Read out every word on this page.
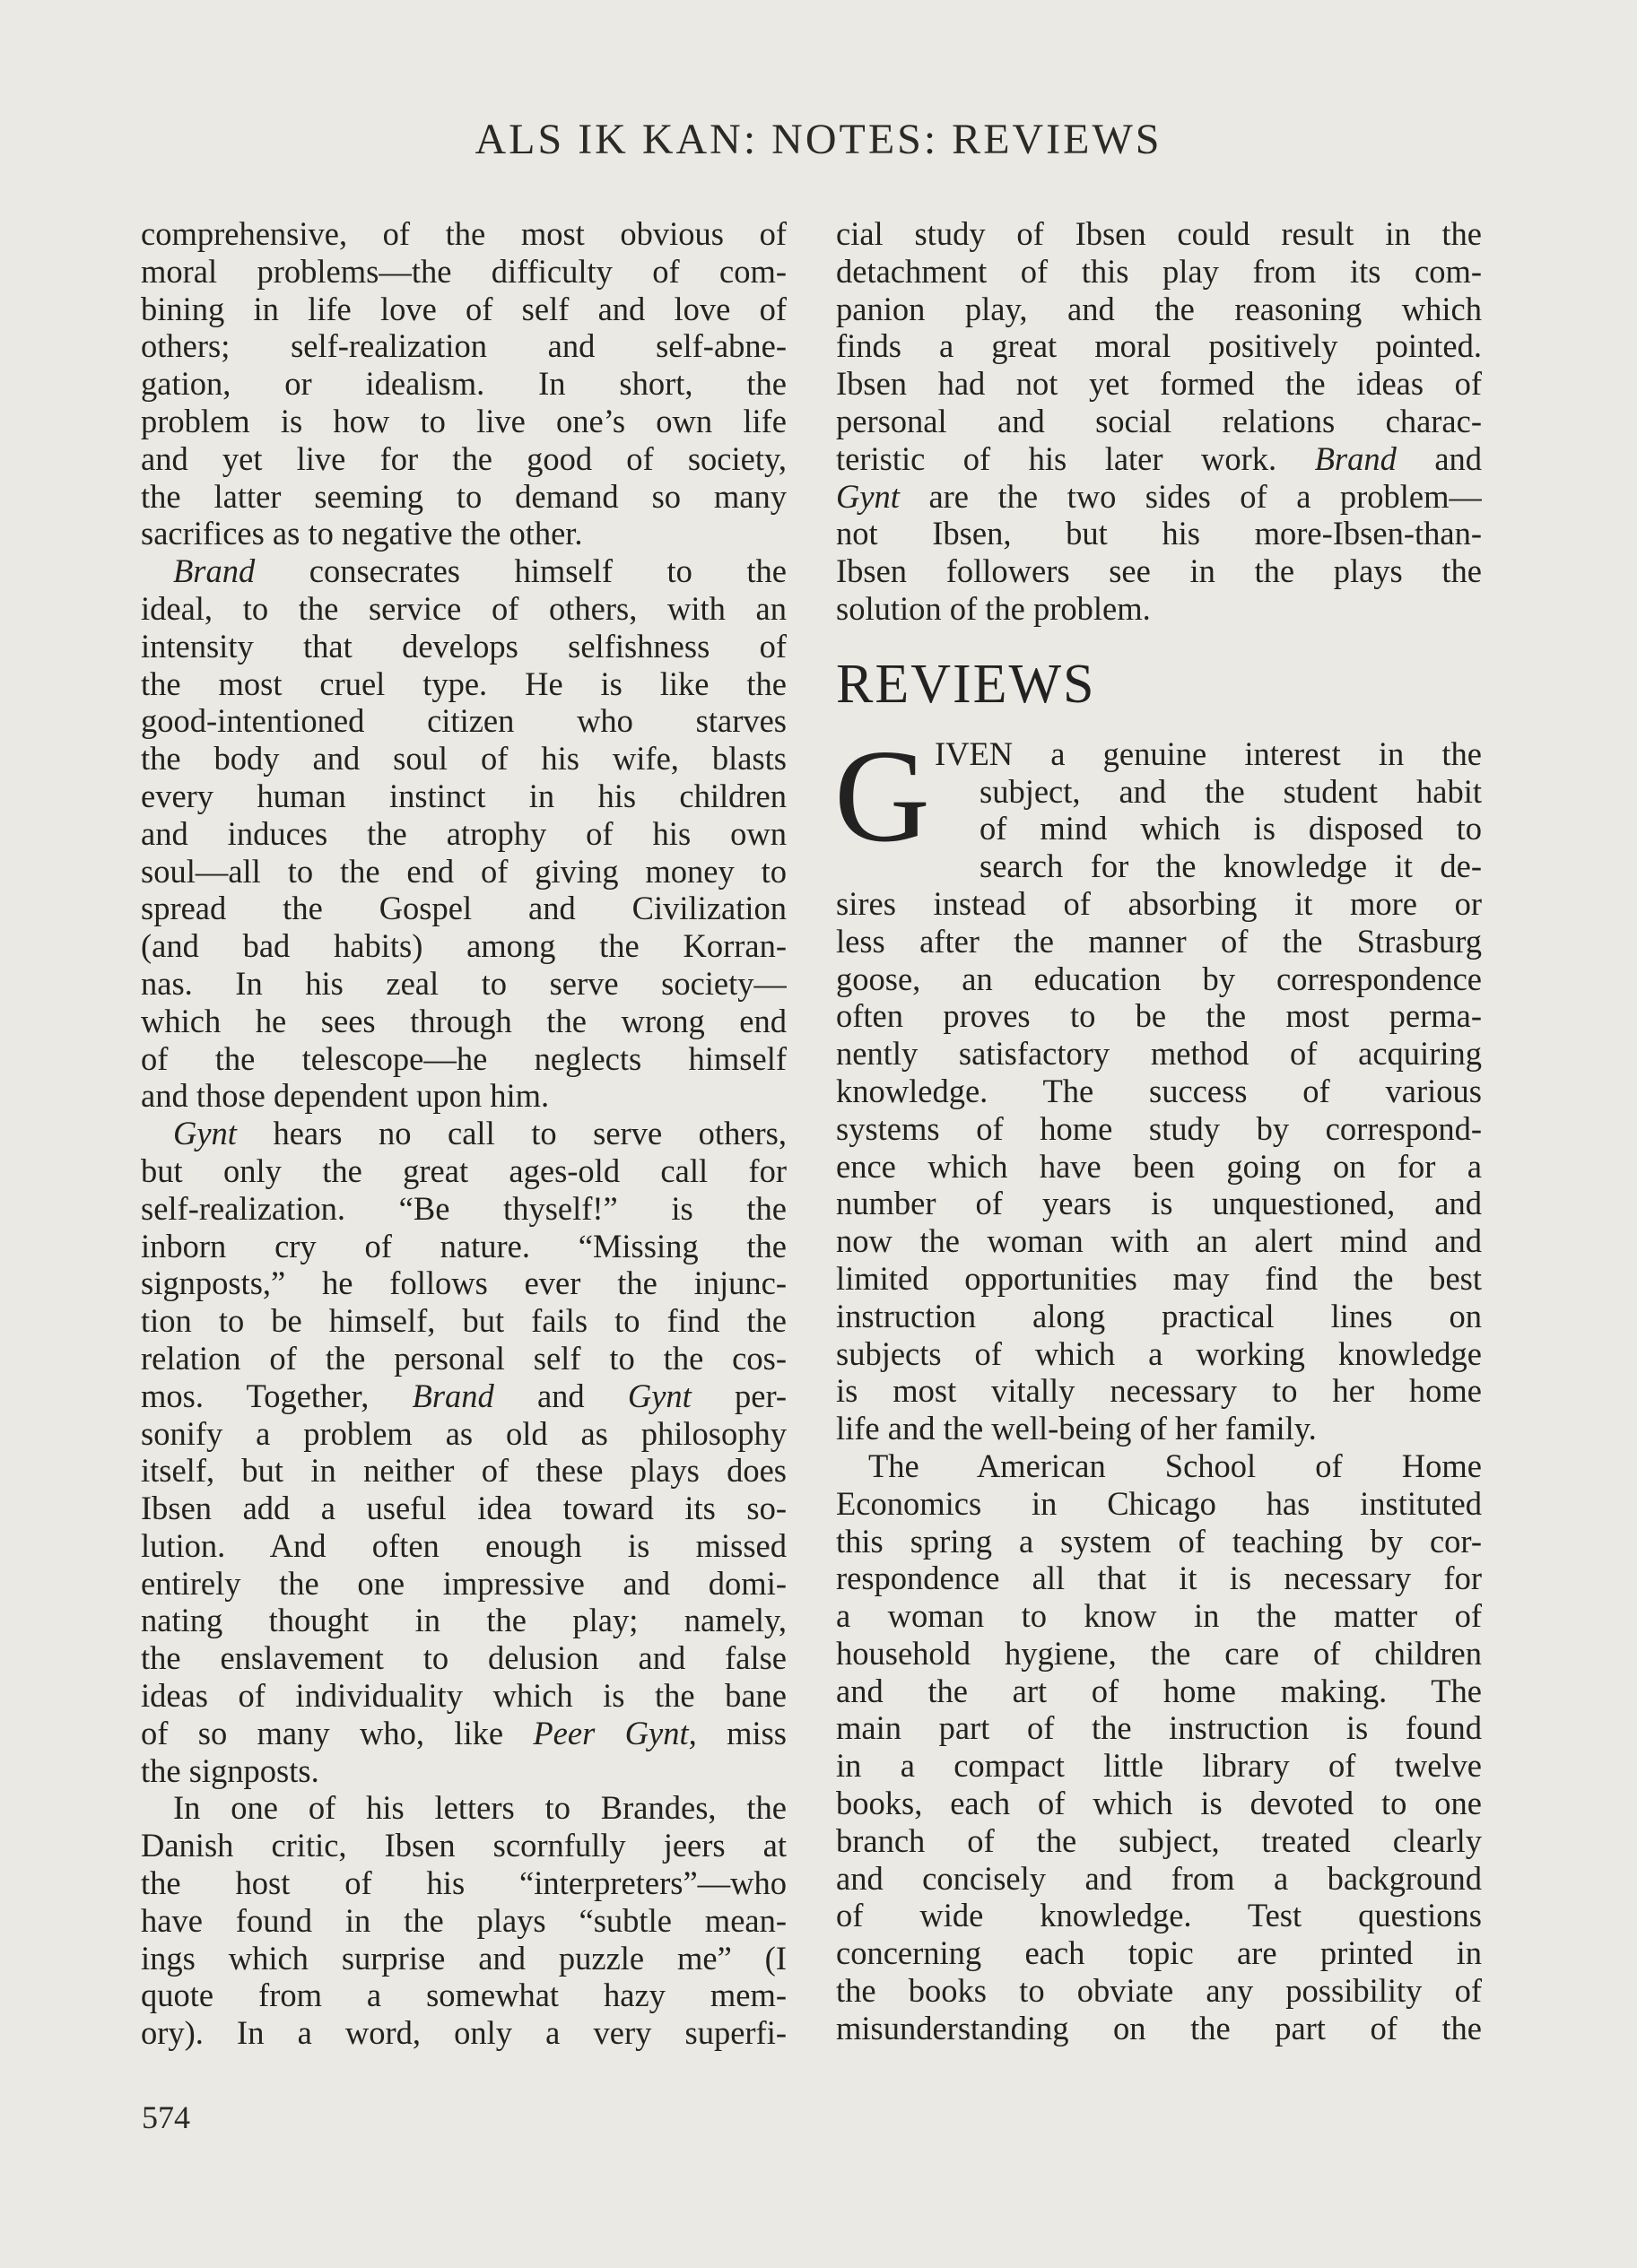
ALS IK KAN: NOTES: REVIEWS
comprehensive, of the most obvious of
moral problems—the difficulty of com-
bining in life love of self and love of
others; self-realization and self-abne-
gation, or idealism. In short, the
problem is how to live one’s own life
and yet live for the good of society,
the latter seeming to demand so many
sacrifices as to negative the other.
Brand consecrates himself to the
ideal, to the service of others, with an
intensity that develops selfishness of
the most cruel type. He is like the
good-intentioned citizen who starves
the body and soul of his wife, blasts
every human instinct in his children
and induces the atrophy of his own
soul—all to the end of giving money to
spread the Gospel and Civilization
(and bad habits) among the Korran-
nas. In his zeal to serve society—
which he sees through the wrong end
of the telescope—he neglects himself
and those dependent upon him.
Gynt hears no call to serve others,
but only the great ages-old call for
self-realization. “Be thyself!” is the
inborn cry of nature. “Missing the
signposts,” he follows ever the injunc-
tion to be himself, but fails to find the
relation of the personal self to the cos-
mos. Together, Brand and Gynt per-
sonify a problem as old as philosophy
itself, but in neither of these plays does
Ibsen add a useful idea toward its so-
lution. And often enough is missed
entirely the one impressive and domi-
nating thought in the play; namely,
the enslavement to delusion and false
ideas of individuality which is the bane
of so many who, like Peer Gynt, miss
the signposts.
In one of his letters to Brandes, the
Danish critic, Ibsen scornfully jeers at
the host of his “interpreters”—who
have found in the plays “subtle mean-
ings which surprise and puzzle me” (I
quote from a somewhat hazy mem-
ory). In a word, only a very superfi-
cial study of Ibsen could result in the
detachment of this play from its com-
panion play, and the reasoning which
finds a great moral positively pointed.
Ibsen had not yet formed the ideas of
personal and social relations charac-
teristic of his later work. Brand and
Gynt are the two sides of a problem—
not Ibsen, but his more-Ibsen-than-
Ibsen followers see in the plays the
solution of the problem.
REVIEWS
G IVEN a genuine interest in the
subject, and the student habit
of mind which is disposed to
search for the knowledge it de-
sires instead of absorbing it more or
less after the manner of the Strasburg
goose, an education by correspondence
often proves to be the most perma-
nently satisfactory method of acquiring
knowledge. The success of various
systems of home study by correspond-
ence which have been going on for a
number of years is unquestioned, and
now the woman with an alert mind and
limited opportunities may find the best
instruction along practical lines on
subjects of which a working knowledge
is most vitally necessary to her home
life and the well-being of her family.
The American School of Home
Economics in Chicago has instituted
this spring a system of teaching by cor-
respondence all that it is necessary for
a woman to know in the matter of
household hygiene, the care of children
and the art of home making. The
main part of the instruction is found
in a compact little library of twelve
books, each of which is devoted to one
branch of the subject, treated clearly
and concisely and from a background
of wide knowledge. Test questions
concerning each topic are printed in
the books to obviate any possibility of
misunderstanding on the part of the
574
